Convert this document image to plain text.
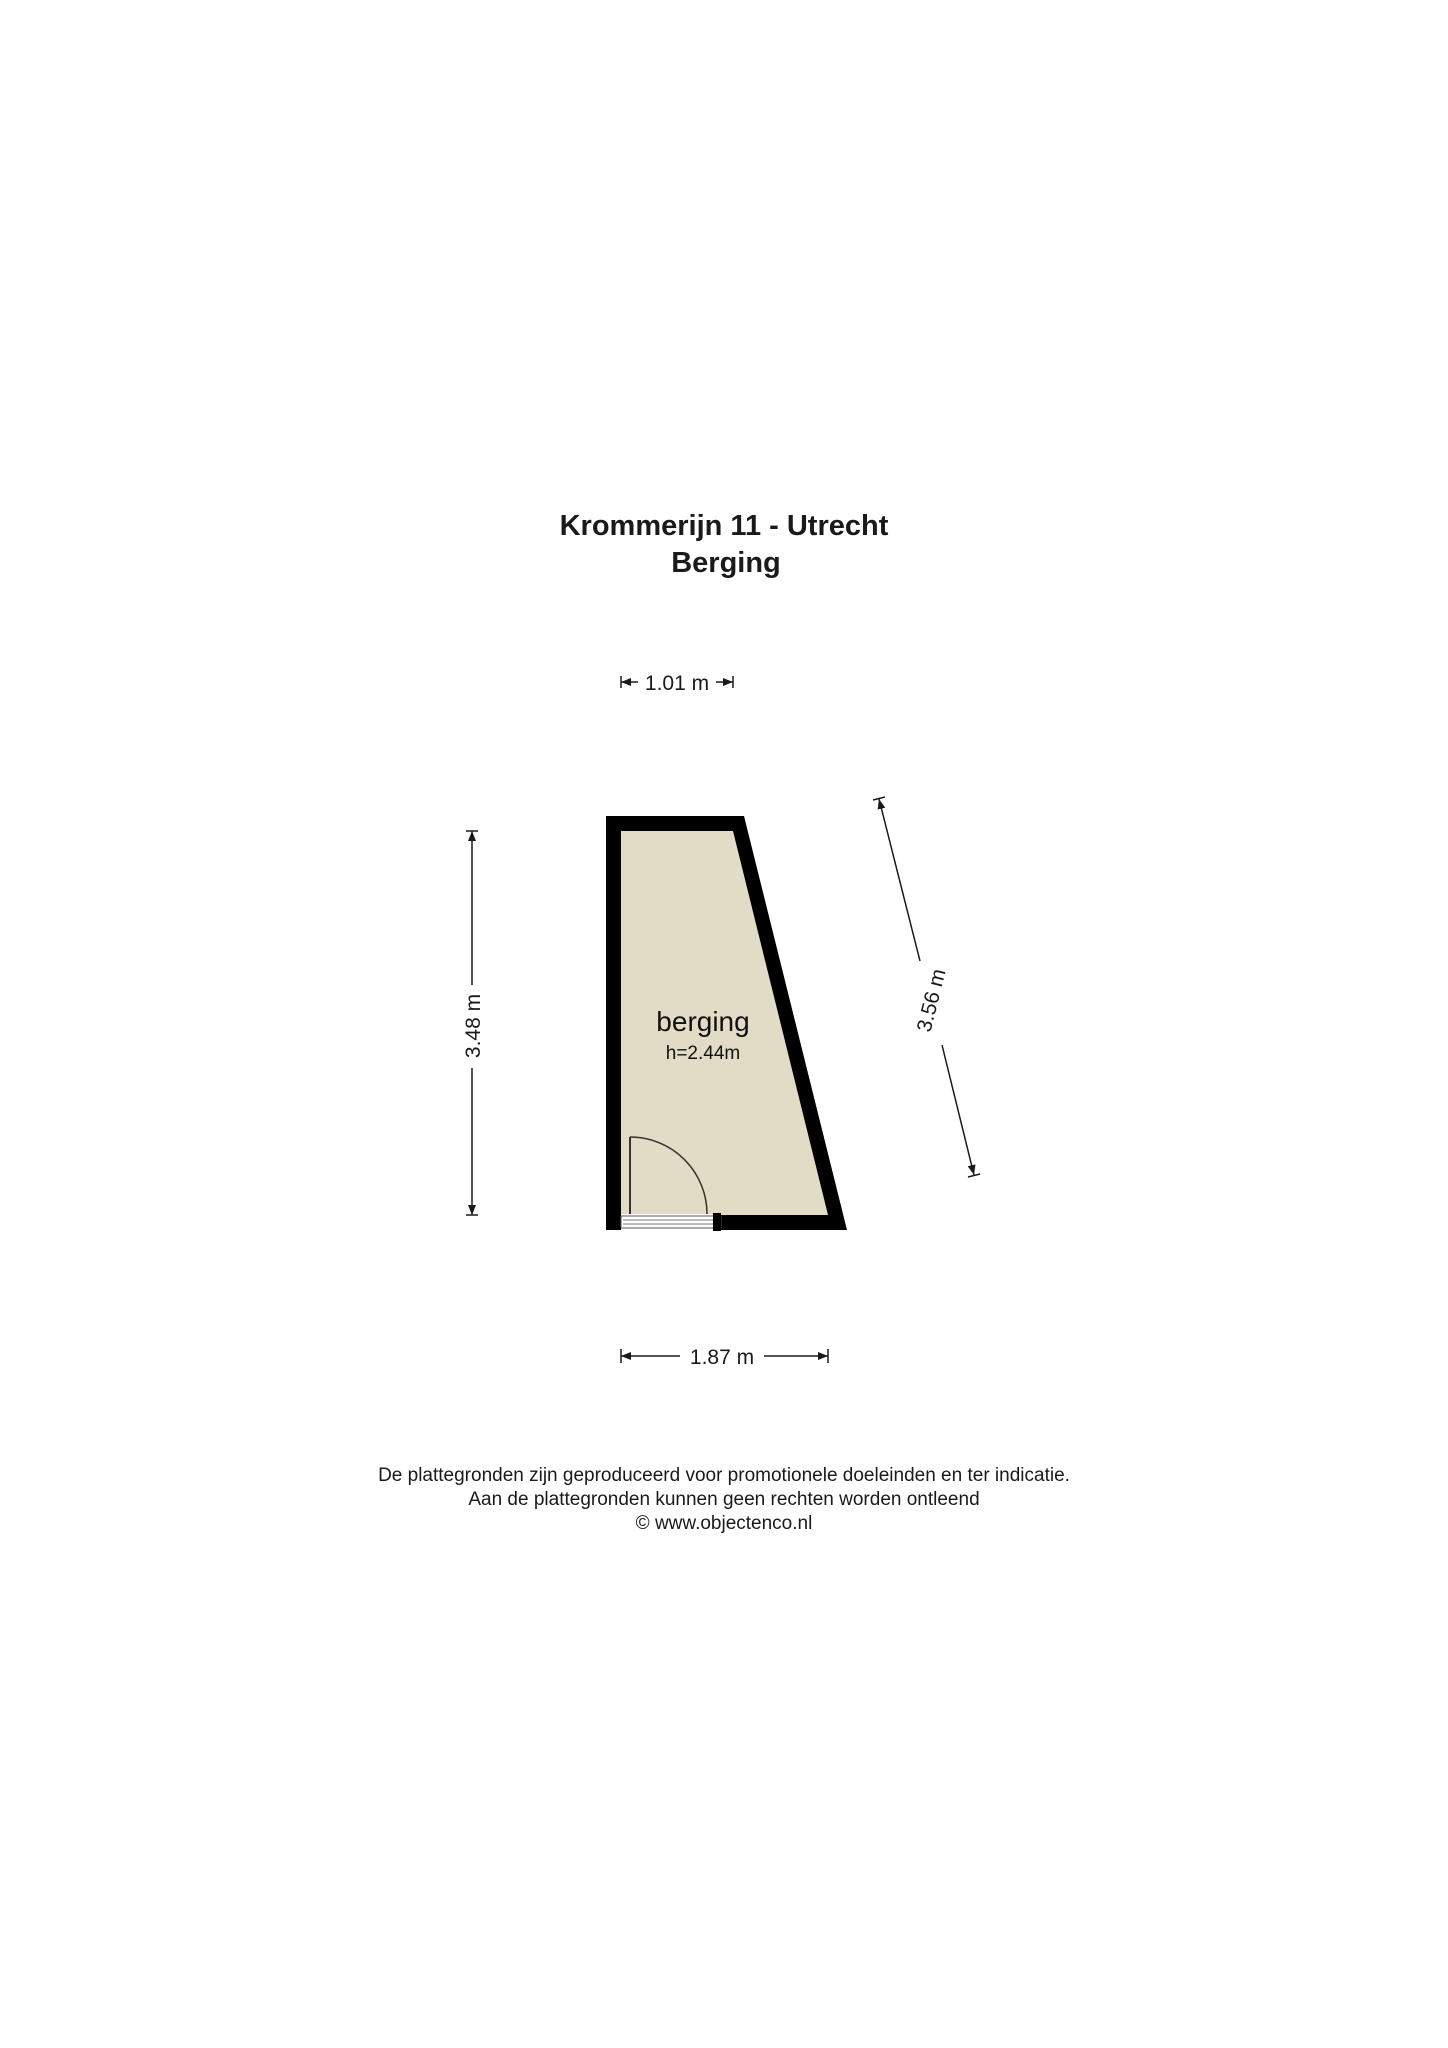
Krommerijn 11 - Utrecht
Berging
berging
h=2.44m
1.01 m
1.87 m
3.48 m	3.56 m
De plattegronden zijn geproduceerd voor promotionele doeleinden en ter indicatie.
Aan de plattegronden kunnen geen rechten worden ontleend
© www.objectenco.nl
